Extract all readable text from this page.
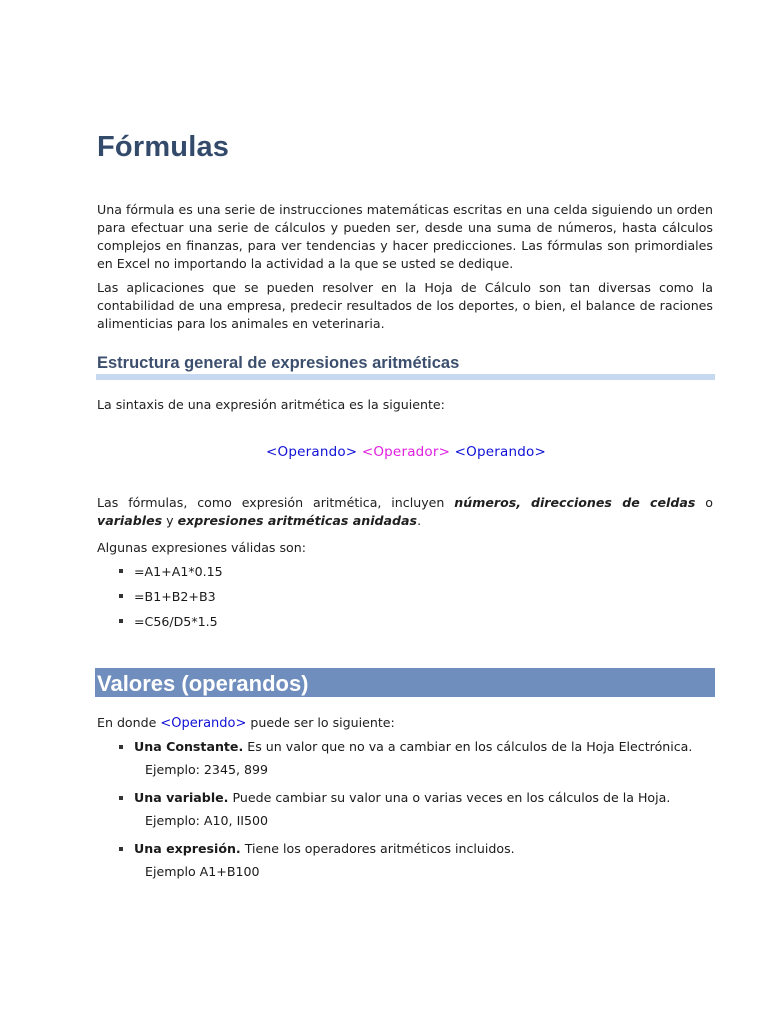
Fórmulas

Una fórmula es una serie de instrucciones matemáticas escritas en una celda siguiendo un orden para efectuar una serie de cálculos y pueden ser, desde una suma de números, hasta cálculos complejos en finanzas, para ver tendencias y hacer predicciones. Las fórmulas son primordiales en Excel no importando la actividad a la que se usted se dedique.

Las aplicaciones que se pueden resolver en la Hoja de Cálculo son tan diversas como la contabilidad de una empresa, predecir resultados de los deportes, o bien, el balance de raciones alimenticias para los animales en veterinaria.

Estructura general de expresiones aritméticas

La sintaxis de una expresión aritmética es la siguiente:

<Operando> <Operador> <Operando>

Las fórmulas, como expresión aritmética, incluyen números, direcciones de celdas o variables y expresiones aritméticas anidadas.

Algunas expresiones válidas son:

=A1+A1*0.15
=B1+B2+B3
=C56/D5*1.5
Valores (operandos)

En donde <Operando> puede ser lo siguiente:

Una Constante. Es un valor que no va a cambiar en los cálculos de la Hoja Electrónica.
Ejemplo: 2345, 899
Una variable. Puede cambiar su valor una o varias veces en los cálculos de la Hoja.
Ejemplo: A10, II500
Una expresión. Tiene los operadores aritméticos incluidos.
Ejemplo A1+B100
